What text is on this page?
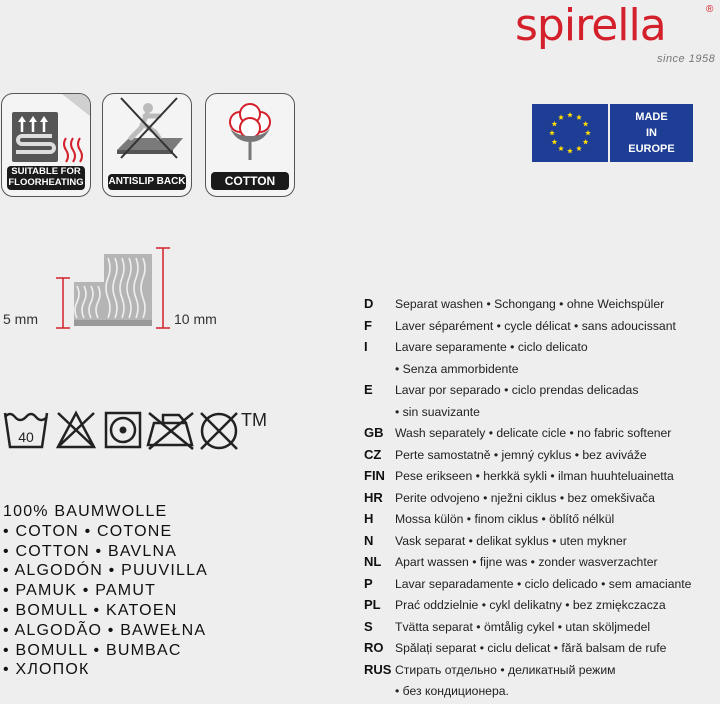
spirella	®
since 1958
SUITABLE FOR
FLOORHEATING ANTISLIP BACK	COTTON
MADE
IN
EUROPE
5 mm	10 mm
40
TM
100% BAUMWOLLE
• COTON • COTONE
• COTTON • BAVLNA
• ALGODÓN • PUUVILLA
• PAMUK • PAMUT
• BOMULL • KATOEN
• ALGODÃO • BAWEŁNA
• BOMULL • BUMBAC
• ХЛОПОК
D Separat washen • Schongang • ohne Weichspüler
F Laver séparément • cycle délicat • sans adoucissant
I Lavare separamente • ciclo delicato
• Senza ammorbidente
E Lavar por separado • ciclo prendas delicadas
• sin suavizante
GB Wash separately • delicate cicle • no fabric softener
CZ Perte samostatně • jemný cyklus • bez aviváže
FIN Pese erikseen • herkkä sykli • ilman huuhteluainetta
HR Perite odvojeno • nježni ciklus • bez omekšivača
H Mossa külön • finom ciklus • öblítő nélkül
N Vask separat • delikat syklus • uten mykner
NL Apart wassen • fijne was • zonder wasverzachter
P Lavar separadamente • ciclo delicado • sem amaciante
PL Prać oddzielnie • cykl delikatny • bez zmiękczacza
S Tvätta separat • ömtålig cykel • utan sköljmedel
RO Spălați separat • ciclu delicat • fără balsam de rufe
RUS Стирать отдельно • деликатный режим
• без кондиционера.
